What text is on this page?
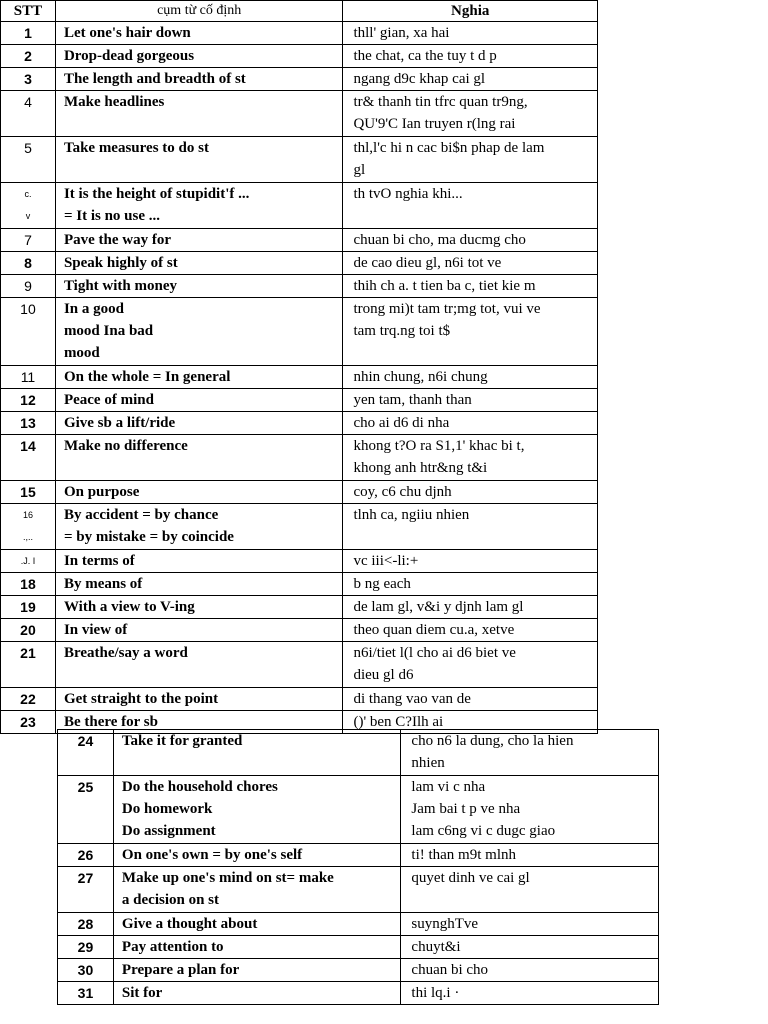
STT	cụm từ cố định	Nghia
1	Let one's hair down	thll' gian, xa hai

2	Drop-dead gorgeous	the chat, ca the tuy t d p

3	The length and breadth of st	ngang d9c khap cai gl

4	Make headlines	tr& thanh tin tfrc quan tr9ng,
QU'9'C Ian truyen r(lng rai

5	Take measures to do st	thl,l'c hi n cac bi$n phap de lam
gl

c.
v	It is the height of stupidit'f ...
= It is no use ...	th tvO nghia khi...

7	Pave the way for	chuan bi cho, ma ducmg cho

8	Speak highly of st	de cao dieu gl, n6i tot ve

9	Tight with money	thih ch a. t tien ba c, tiet kie m

10	In a good
mood Ina bad
mood	trong mi)t tam tr;mg tot, vui ve
tam trq.ng toi t$

11	On the whole = In general	nhin chung, n6i chung

12	Peace of mind	yen tam, thanh than

13	Give sb a lift/ride	cho ai d6 di nha

14	Make no difference	khong t?O ra S1,1' khac bi t,
khong anh htr&ng t&i

15	On purpose	coy, c6 chu djnh

16
.,..	By accident = by chance
= by mistake = by coincide	tlnh ca, ngiiu nhien

.J. I	In terms of	vc iii<-li:+

18	By means of	b ng each

19	With a view to V-ing	de lam gl, v&i y djnh lam gl

20	In view of	theo quan diem cu.a, xetve

21	Breathe/say a word	n6i/tiet l(l cho ai d6 biet ve
dieu gl d6

22	Get straight to the point	di thang vao van de

23	Be there for sb	()' ben C?Ilh ai
24	Take it for granted	cho n6 la dung, cho la hien
nhien

25	Do the household chores
Do homework
Do assignment	lam vi c nha
Jam bai t p ve nha
lam c6ng vi c dugc giao

26	On one's own = by one's self	ti! than m9t mlnh

27	Make up one's mind on st= make
a decision on st	quyet dinh ve cai gl

28	Give a thought about	suynghTve

29	Pay attention to	chuyt&i

30	Prepare a plan for	chuan bi cho

31	Sit for	thi lq.i ·
